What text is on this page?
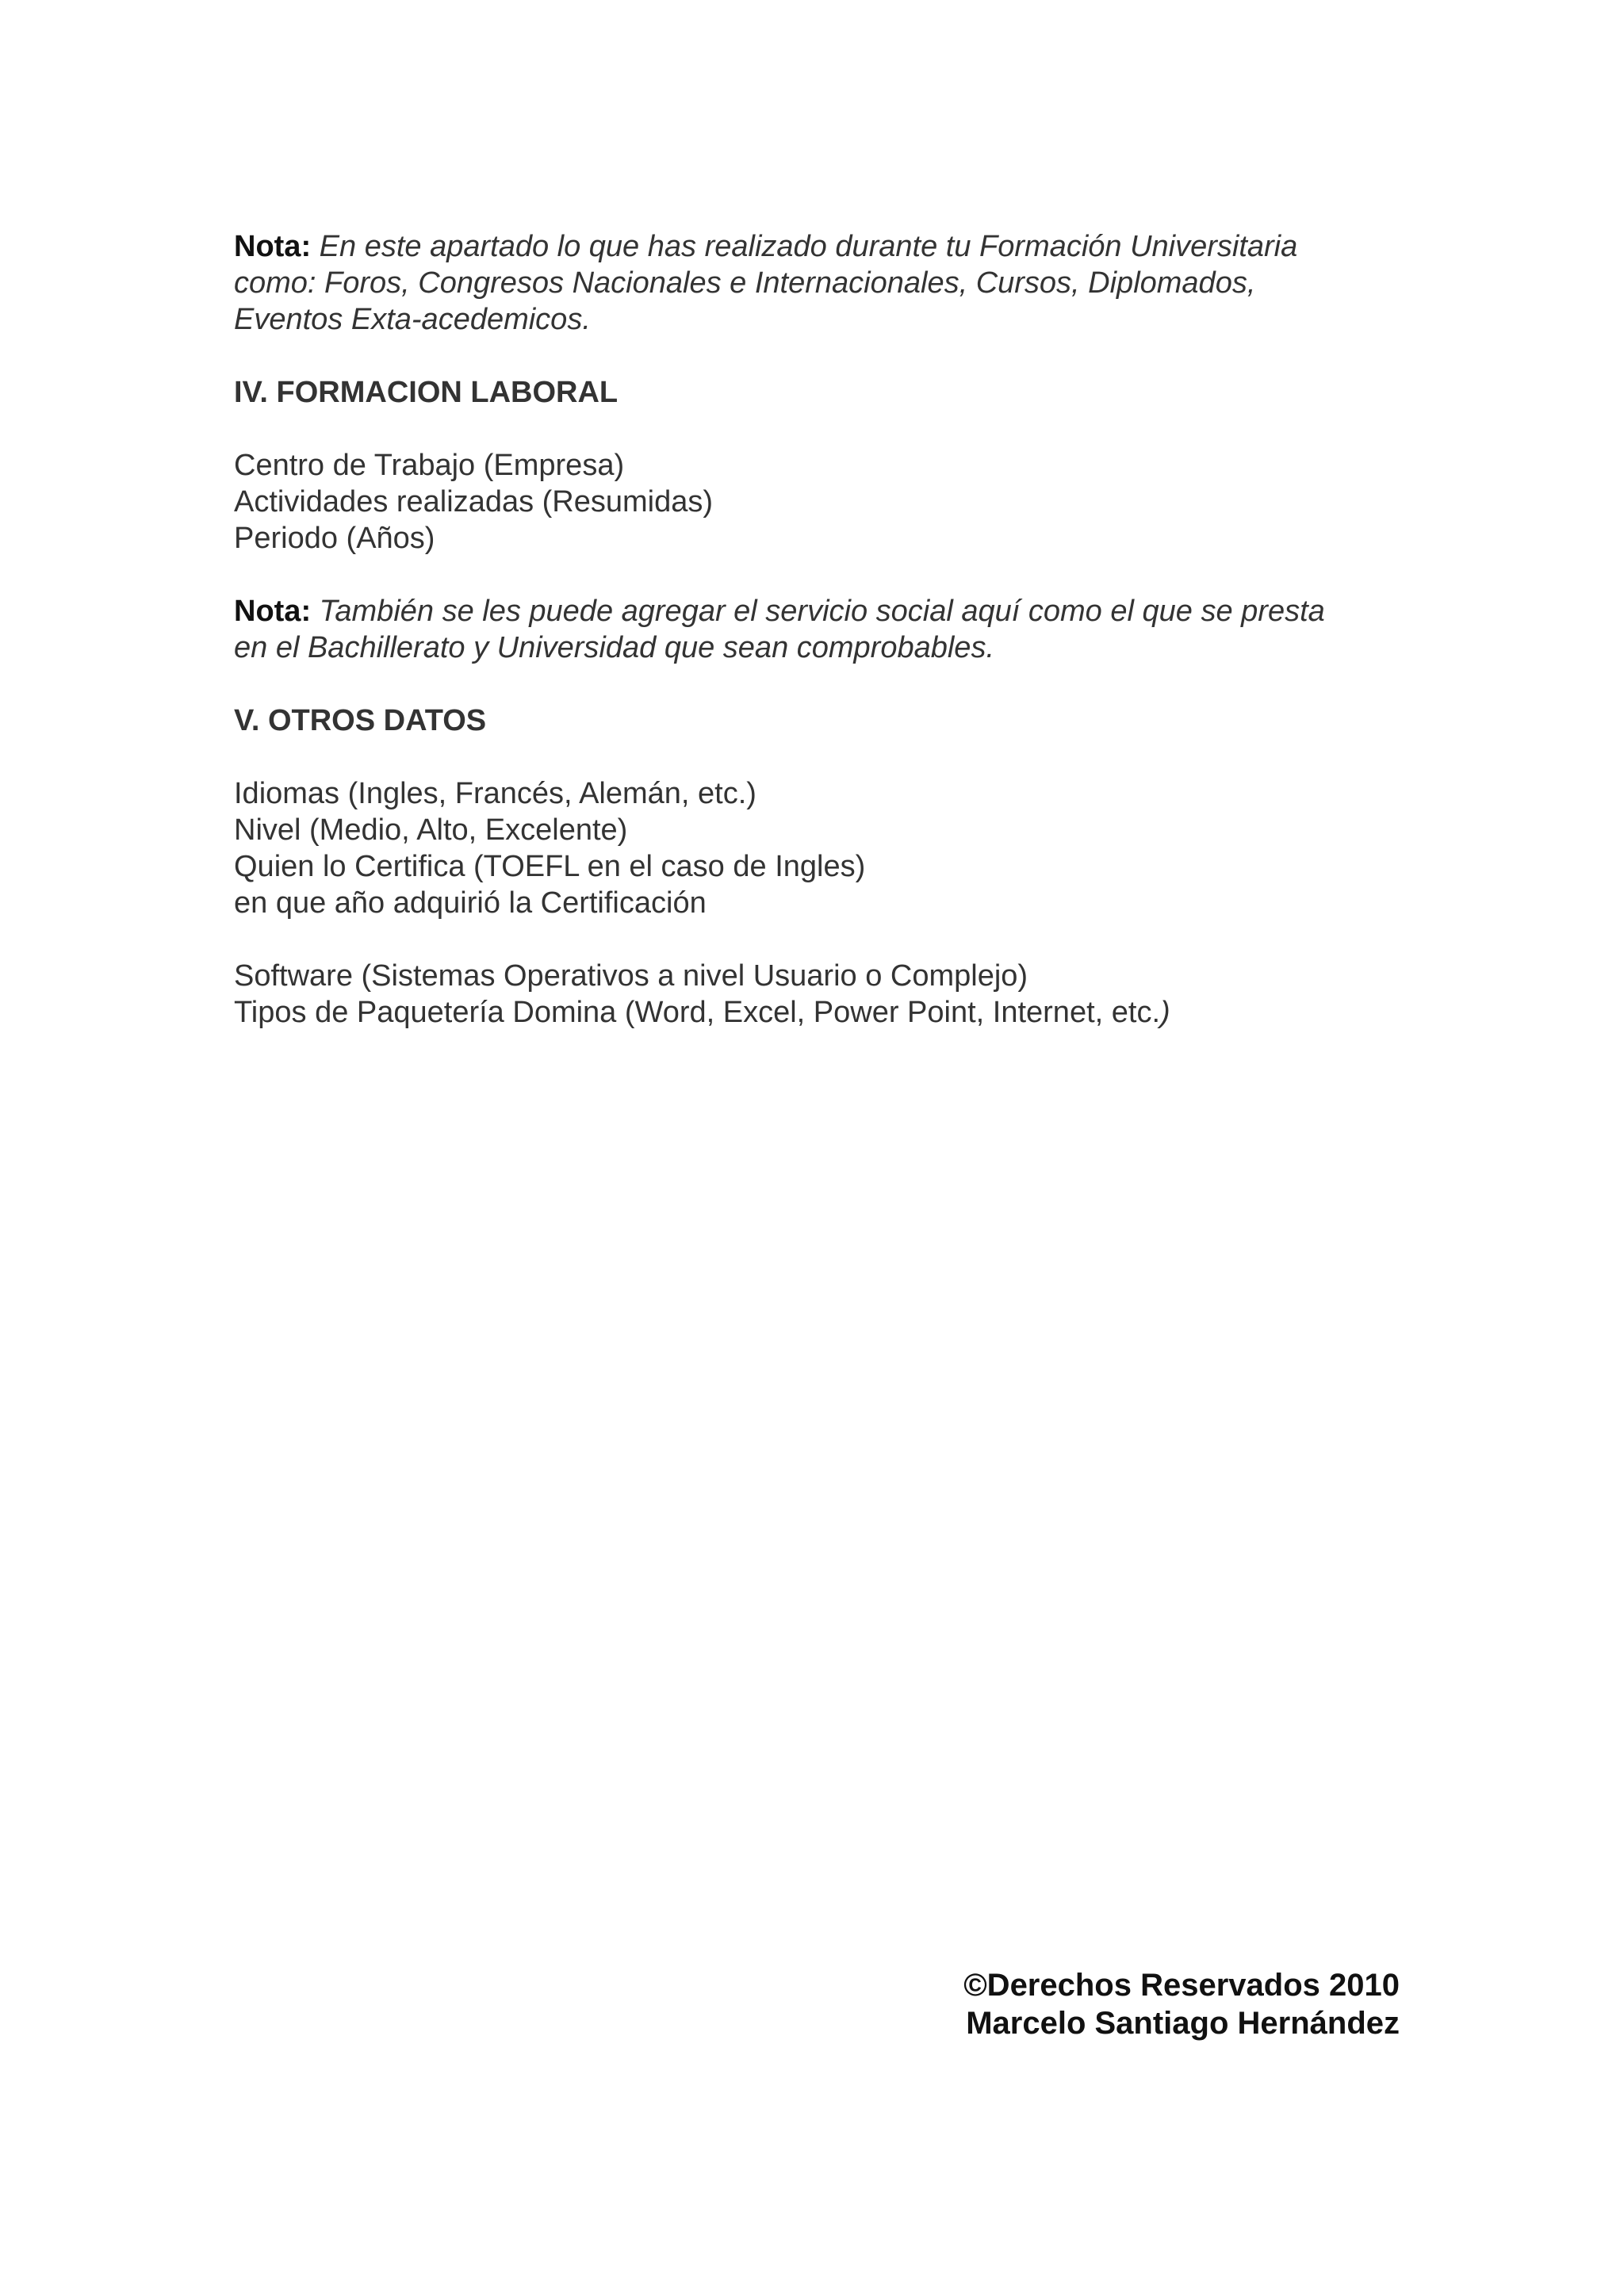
Nota: En este apartado lo que has realizado durante tu Formación Universitaria
como: Foros, Congresos Nacionales e Internacionales, Cursos, Diplomados,
Eventos Exta-acedemicos.

IV. FORMACION LABORAL

Centro de Trabajo (Empresa)
Actividades realizadas (Resumidas)
Periodo (Años)

Nota: También se les puede agregar el servicio social aquí como el que se presta
en el Bachillerato y Universidad que sean comprobables.

V. OTROS DATOS

Idiomas (Ingles, Francés, Alemán, etc.)
Nivel (Medio, Alto, Excelente)
Quien lo Certifica (TOEFL en el caso de Ingles)
en que año adquirió la Certificación

Software (Sistemas Operativos a nivel Usuario o Complejo)
Tipos de Paquetería Domina (Word, Excel, Power Point, Internet, etc.)

©Derechos Reservados 2010
Marcelo Santiago Hernández
